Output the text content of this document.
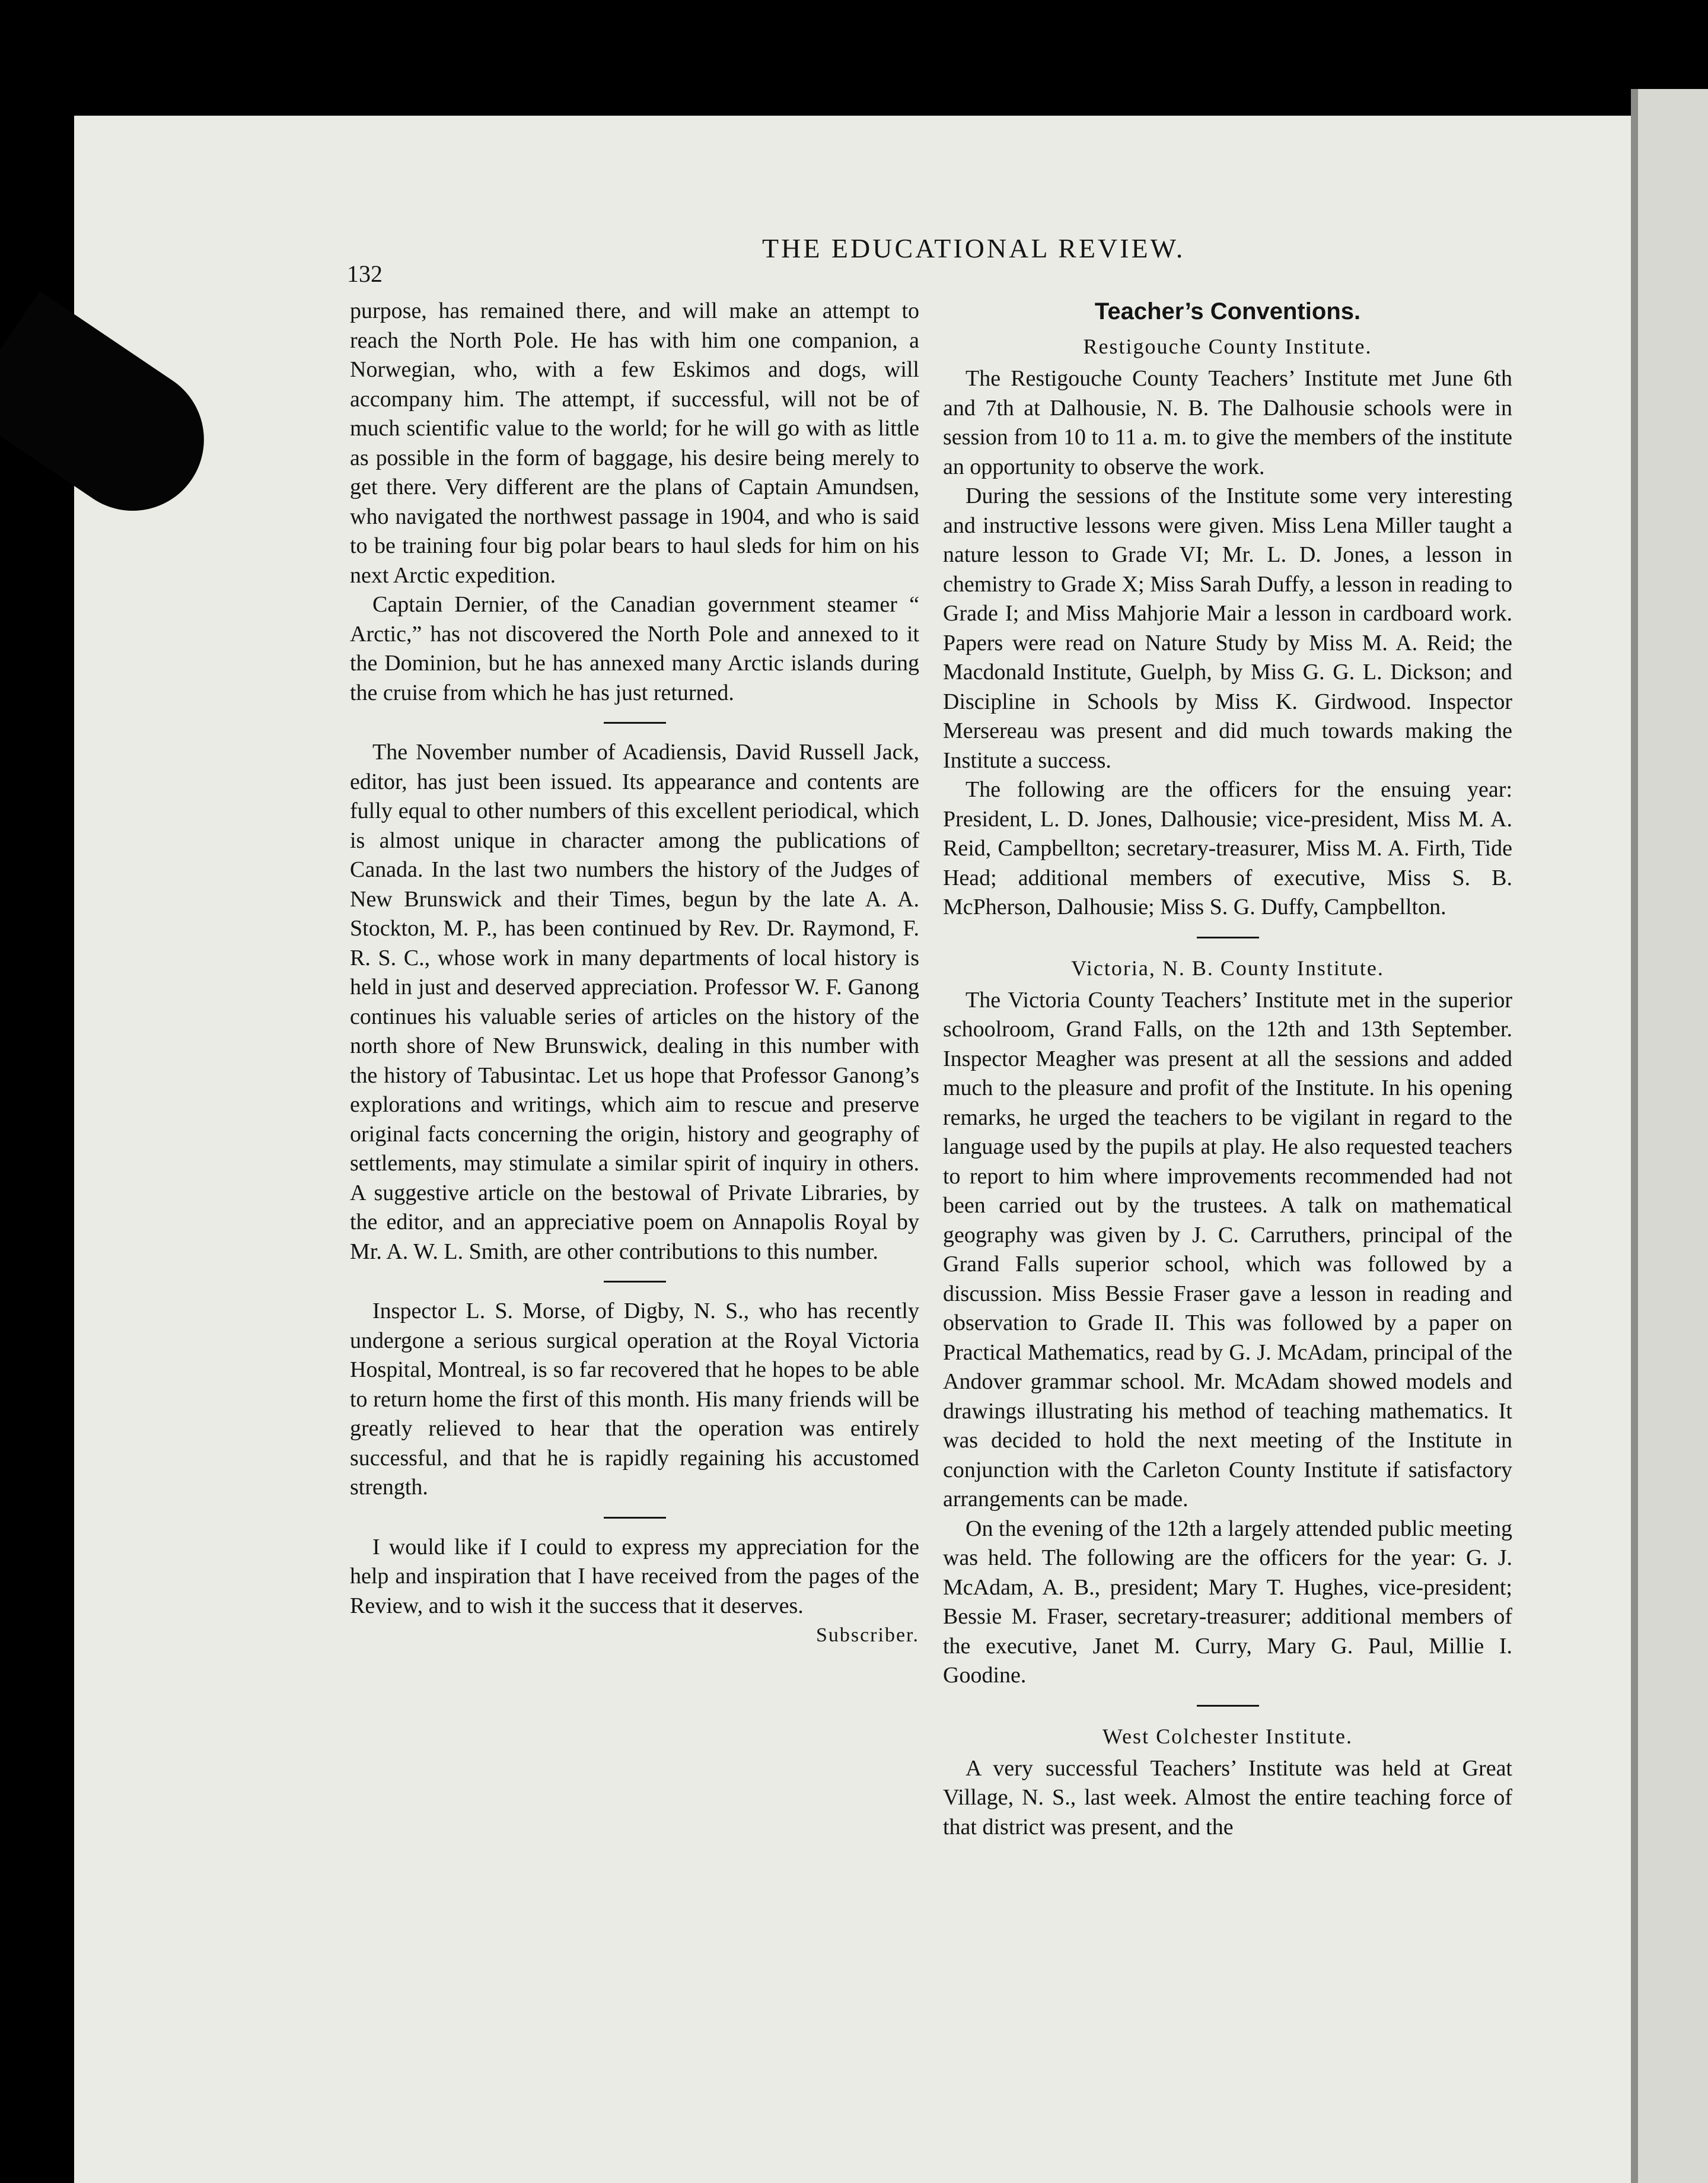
132
THE EDUCATIONAL REVIEW.

purpose, has remained there, and will make an attempt to reach the North Pole. He has with him one companion, a Norwegian, who, with a few Eskimos and dogs, will accompany him. The attempt, if successful, will not be of much scientific value to the world; for he will go with as little as possible in the form of baggage, his desire being merely to get there. Very different are the plans of Captain Amundsen, who navigated the northwest passage in 1904, and who is said to be training four big polar bears to haul sleds for him on his next Arctic expedition.

Captain Dernier, of the Canadian government steamer “ Arctic,” has not discovered the North Pole and annexed to it the Dominion, but he has annexed many Arctic islands during the cruise from which he has just returned.

The November number of Acadiensis, David Russell Jack, editor, has just been issued. Its appearance and contents are fully equal to other numbers of this excellent periodical, which is almost unique in character among the publications of Canada. In the last two numbers the history of the Judges of New Brunswick and their Times, begun by the late A. A. Stockton, M. P., has been continued by Rev. Dr. Raymond, F. R. S. C., whose work in many departments of local history is held in just and deserved appreciation. Professor W. F. Ganong continues his valuable series of articles on the history of the north shore of New Brunswick, dealing in this number with the history of Tabusintac. Let us hope that Professor Ganong’s explorations and writings, which aim to rescue and preserve original facts concerning the origin, history and geography of settlements, may stimulate a similar spirit of inquiry in others. A suggestive article on the bestowal of Private Libraries, by the editor, and an appreciative poem on Annapolis Royal by Mr. A. W. L. Smith, are other contributions to this number.

Inspector L. S. Morse, of Digby, N. S., who has recently undergone a serious surgical operation at the Royal Victoria Hospital, Montreal, is so far recovered that he hopes to be able to return home the first of this month. His many friends will be greatly relieved to hear that the operation was entirely successful, and that he is rapidly regaining his accustomed strength.

I would like if I could to express my appreciation for the help and inspiration that I have received from the pages of the Review, and to wish it the success that it deserves.

Subscriber.
Teacher’s Conventions.
Restigouche County Institute.

The Restigouche County Teachers’ Institute met June 6th and 7th at Dalhousie, N. B. The Dalhousie schools were in session from 10 to 11 a. m. to give the members of the institute an opportunity to observe the work.

During the sessions of the Institute some very interesting and instructive lessons were given. Miss Lena Miller taught a nature lesson to Grade VI; Mr. L. D. Jones, a lesson in chemistry to Grade X; Miss Sarah Duffy, a lesson in reading to Grade I; and Miss Mahjorie Mair a lesson in cardboard work. Papers were read on Nature Study by Miss M. A. Reid; the Macdonald Institute, Guelph, by Miss G. G. L. Dickson; and Discipline in Schools by Miss K. Girdwood. Inspector Mersereau was present and did much towards making the Institute a success.

The following are the officers for the ensuing year: President, L. D. Jones, Dalhousie; vice-president, Miss M. A. Reid, Campbellton; secretary-treasurer, Miss M. A. Firth, Tide Head; additional members of executive, Miss S. B. McPherson, Dalhousie; Miss S. G. Duffy, Campbellton.

Victoria, N. B. County Institute.

The Victoria County Teachers’ Institute met in the superior schoolroom, Grand Falls, on the 12th and 13th September. Inspector Meagher was present at all the sessions and added much to the pleasure and profit of the Institute. In his opening remarks, he urged the teachers to be vigilant in regard to the language used by the pupils at play. He also requested teachers to report to him where improvements recommended had not been carried out by the trustees. A talk on mathematical geography was given by J. C. Carruthers, principal of the Grand Falls superior school, which was followed by a discussion. Miss Bessie Fraser gave a lesson in reading and observation to Grade II. This was followed by a paper on Practical Mathematics, read by G. J. McAdam, principal of the Andover grammar school. Mr. McAdam showed models and drawings illustrating his method of teaching mathematics. It was decided to hold the next meeting of the Institute in conjunction with the Carleton County Institute if satisfactory arrangements can be made.

On the evening of the 12th a largely attended public meeting was held. The following are the officers for the year: G. J. McAdam, A. B., president; Mary T. Hughes, vice-president; Bessie M. Fraser, secretary-treasurer; additional members of the executive, Janet M. Curry, Mary G. Paul, Millie I. Goodine.

West Colchester Institute.

A very successful Teachers’ Institute was held at Great Village, N. S., last week. Almost the entire teaching force of that district was present, and the
